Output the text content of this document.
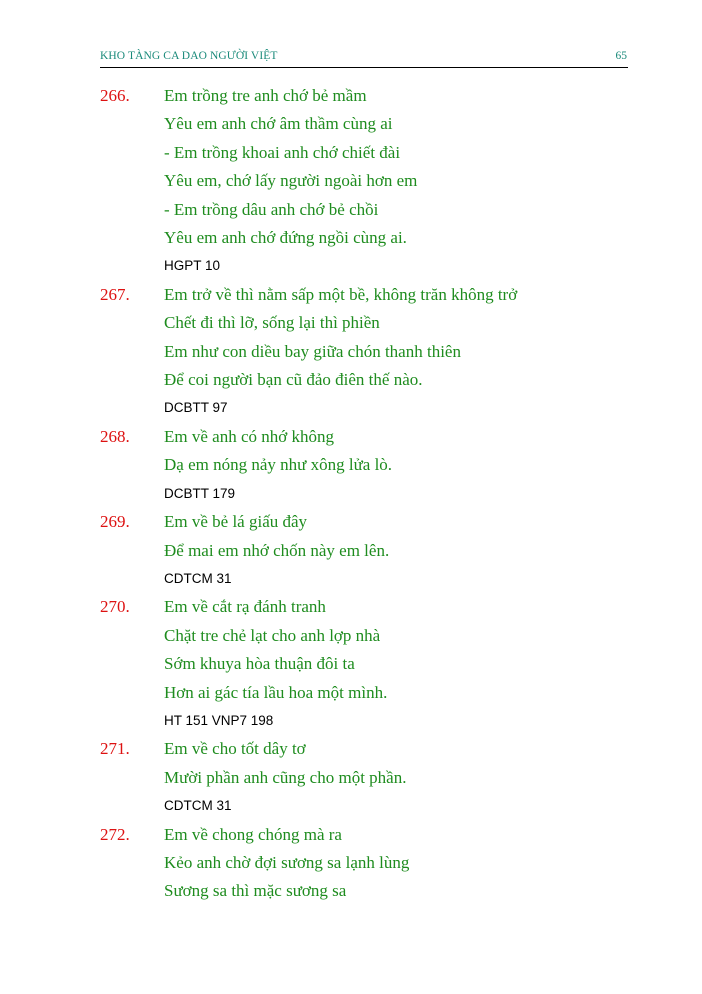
KHO TÀNG CA DAO NGƯỜI VIỆT	65
266. Em trồng tre anh chớ bẻ mầm
Yêu em anh chớ âm thầm cùng ai
- Em trồng khoai anh chớ chiết đài
Yêu em, chớ lấy người ngoài hơn em
- Em trồng dâu anh chớ bẻ chồi
Yêu em anh chớ đứng ngồi cùng ai.
HGPT 10
267. Em trở về thì nằm sấp một bề, không trăn không trở
Chết đi thì lỡ, sống lại thì phiền
Em như con diều bay giữa chón thanh thiên
Để coi người bạn cũ đảo điên thế nào.
DCBTT 97
268. Em về anh có nhớ không
Dạ em nóng nảy như xông lửa lò.
DCBTT 179
269. Em về bẻ lá giấu đây
Để mai em nhớ chốn này em lên.
CDTCM 31
270. Em về cắt rạ đánh tranh
Chặt tre chẻ lạt cho anh lợp nhà
Sớm khuya hòa thuận đôi ta
Hơn ai gác tía lầu hoa một mình.
HT 151 VNP7 198
271. Em về cho tốt dây tơ
Mười phần anh cũng cho một phần.
CDTCM 31
272. Em về chong chóng mà ra
Kẻo anh chờ đợi sương sa lạnh lùng
Sương sa thì mặc sương sa
